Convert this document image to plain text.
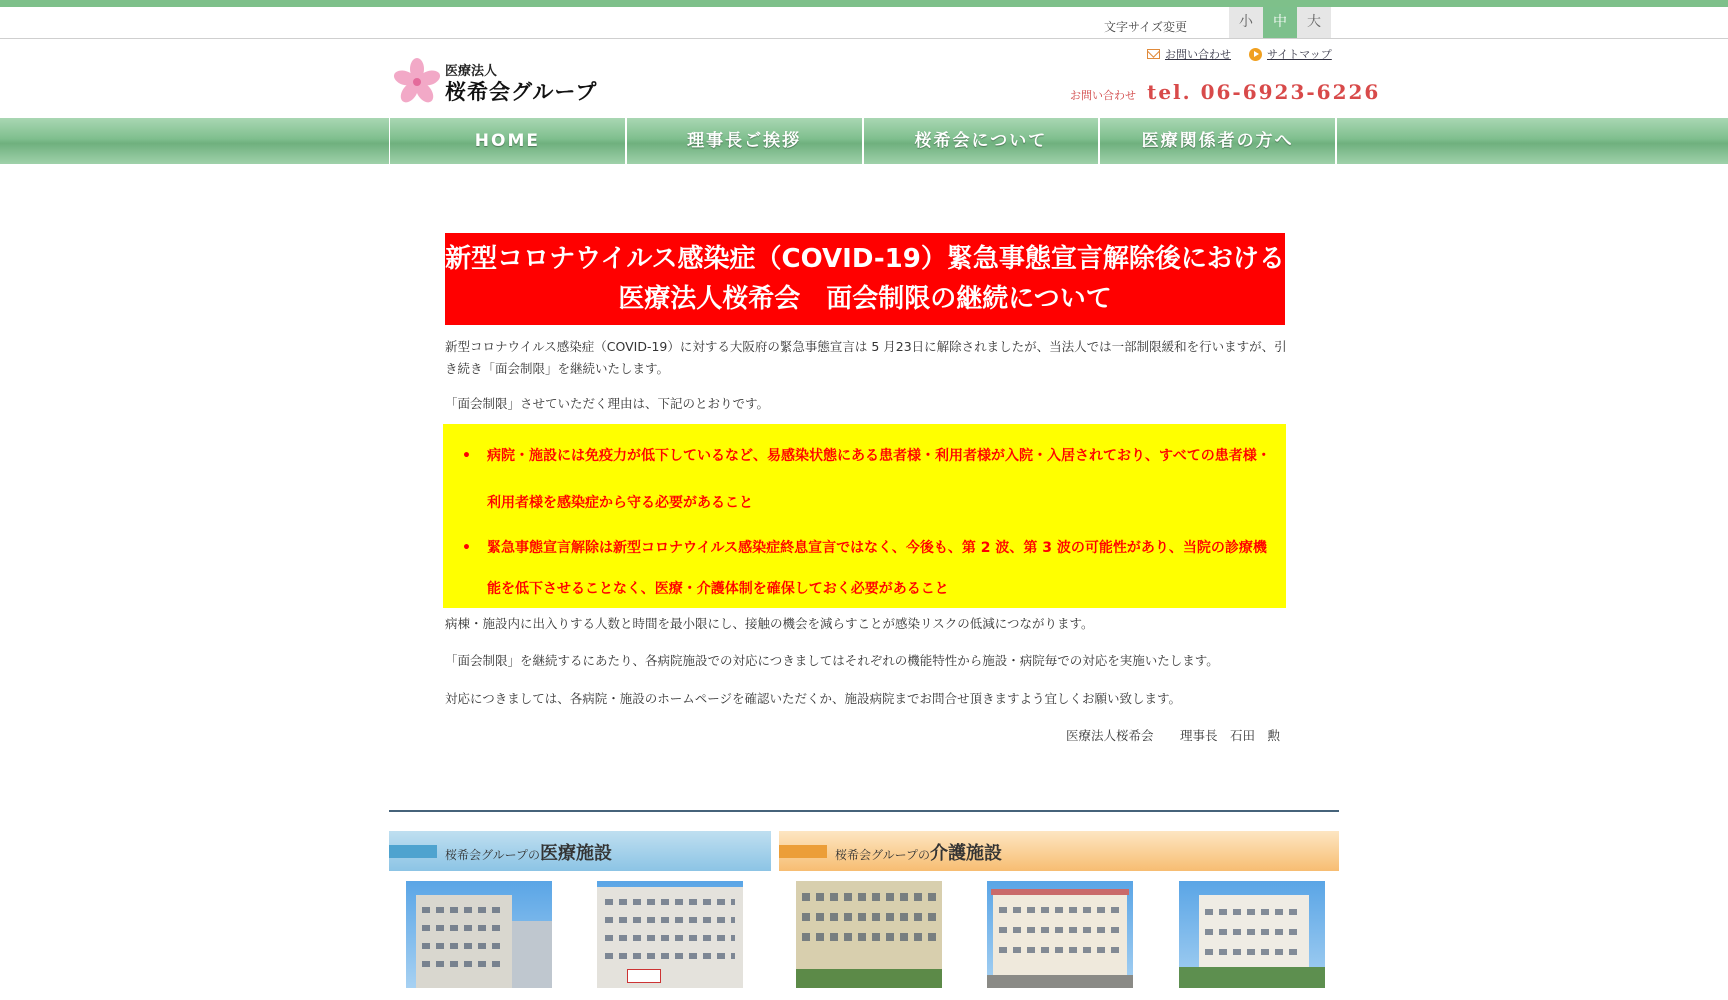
文字サイズ変更	小	中	大
医療法人
桜希会グループ
お問い合わせ	サイトマップ
お問い合わせ tel. 06-6923-6226
HOME	理事長ご挨拶	桜希会について	医療関係者の方へ
新型コロナウイルス感染症（COVID-19）緊急事態宣言解除後における
医療法人桜希会　面会制限の継続について

新型コロナウイルス感染症（COVID-19）に対する大阪府の緊急事態宣言は 5 月23日に解除されましたが、当法人では一部制限緩和を行いますが、引き続き「面会制限」を継続いたします。

「面会制限」させていただく理由は、下記のとおりです。

• 病院・施設には免疫力が低下しているなど、易感染状態にある患者様・利用者様が入院・入居されており、すべての患者様・利用者様を感染症から守る必要があること
• 緊急事態宣言解除は新型コロナウイルス感染症終息宣言ではなく、今後も、第 2 波、第 3 波の可能性があり、当院の診療機能を低下させることなく、医療・介護体制を確保しておく必要があること

病棟・施設内に出入りする人数と時間を最小限にし、接触の機会を減らすことが感染リスクの低減につながります。

「面会制限」を継続するにあたり、各病院施設での対応につきましてはそれぞれの機能特性から施設・病院毎での対応を実施いたします。

対応につきましては、各病院・施設のホームページを確認いただくか、施設病院までお問合せ頂きますよう宜しくお願い致します。

医療法人桜希会　 理事長　石田　勲
桜希会グループの医療施設	桜希会グループの介護施設
